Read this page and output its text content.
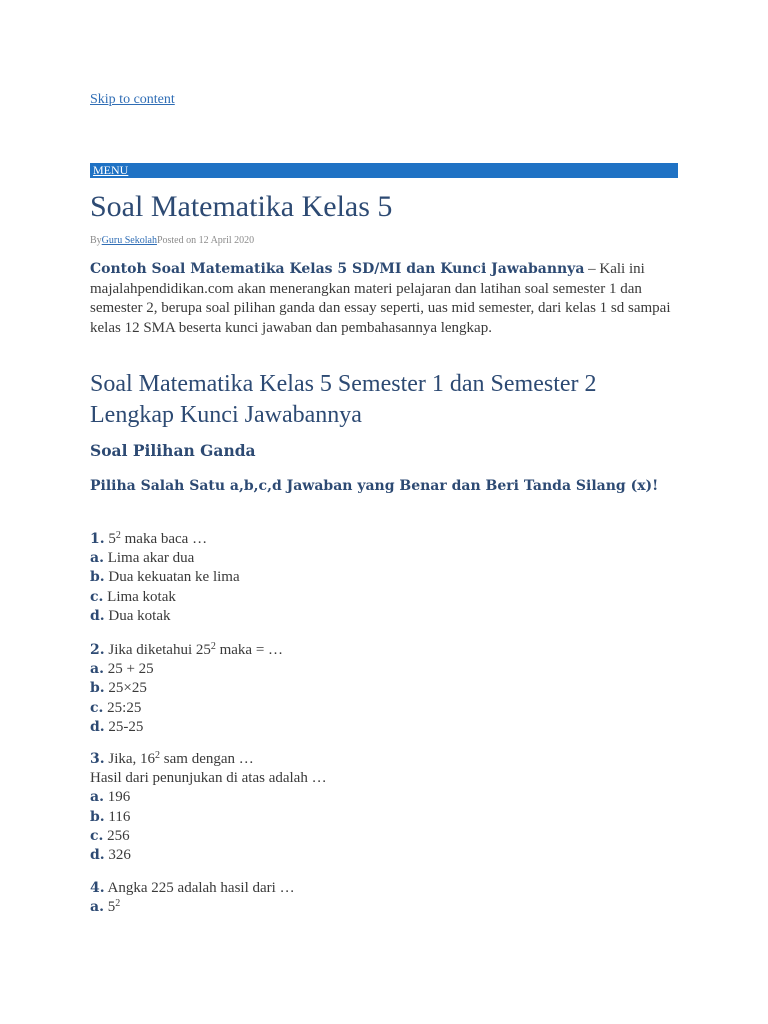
Skip to content
MENU
Soal Matematika Kelas 5
ByGuru SekolahPosted on 12 April 2020

Contoh Soal Matematika Kelas 5 SD/MI dan Kunci Jawabannya – Kali ini majalahpendidikan.com akan menerangkan materi pelajaran dan latihan soal semester 1 dan semester 2, berupa soal pilihan ganda dan essay seperti, uas mid semester, dari kelas 1 sd sampai kelas 12 SMA beserta kunci jawaban dan pembahasannya lengkap.

Soal Matematika Kelas 5 Semester 1 dan Semester 2 Lengkap Kunci Jawabannya
Soal Pilihan Ganda

Piliha Salah Satu a,b,c,d Jawaban yang Benar dan Beri Tanda Silang (x)!

1. $5^2$ maka baca …
a. Lima akar dua
b. Dua kekuatan ke lima
c. Lima kotak
d. Dua kotak

2. Jika diketahui $25^2$ maka = …
a. 25 + 25
b. 25×25
c. 25:25
d. 25-25

3. Jika, $16^2$ sam dengan …
Hasil dari penunjukan di atas adalah …
a. 196
b. 116
c. 256
d. 326

4. Angka 225 adalah hasil dari …
a. $5^2$
